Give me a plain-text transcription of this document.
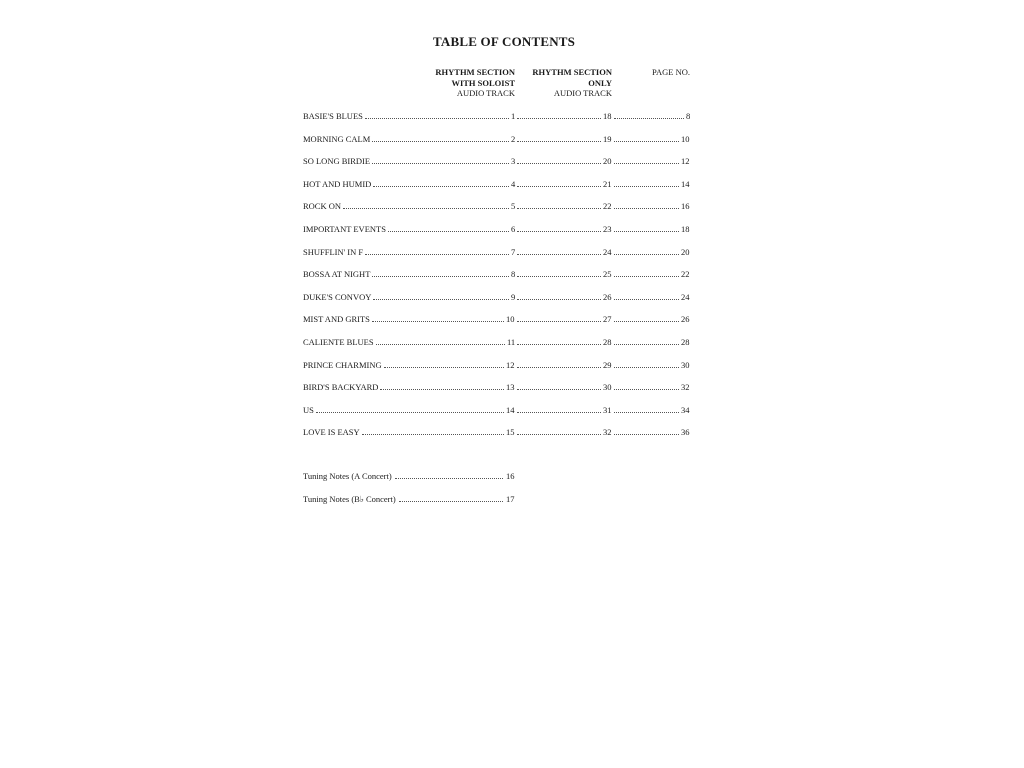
TABLE OF CONTENTS
RHYTHM SECTION
WITH SOLOIST
AUDIO TRACK
RHYTHM SECTION
ONLY
AUDIO TRACK
PAGE NO.
BASIE'S BLUES	1	18	8
MORNING CALM	2	19	10
SO LONG BIRDIE	3	20	12
HOT AND HUMID	4	21	14
ROCK ON	5	22	16
IMPORTANT EVENTS	6	23	18
SHUFFLIN' IN F	7	24	20
BOSSA AT NIGHT	8	25	22
DUKE'S CONVOY	9	26	24
MIST AND GRITS	10	27	26
CALIENTE BLUES	11	28	28
PRINCE CHARMING	12	29	30
BIRD'S BACKYARD	13	30	32
US	14	31	34
LOVE IS EASY	15	32	36
Tuning Notes (A Concert)	16
Tuning Notes (B♭ Concert)	17
